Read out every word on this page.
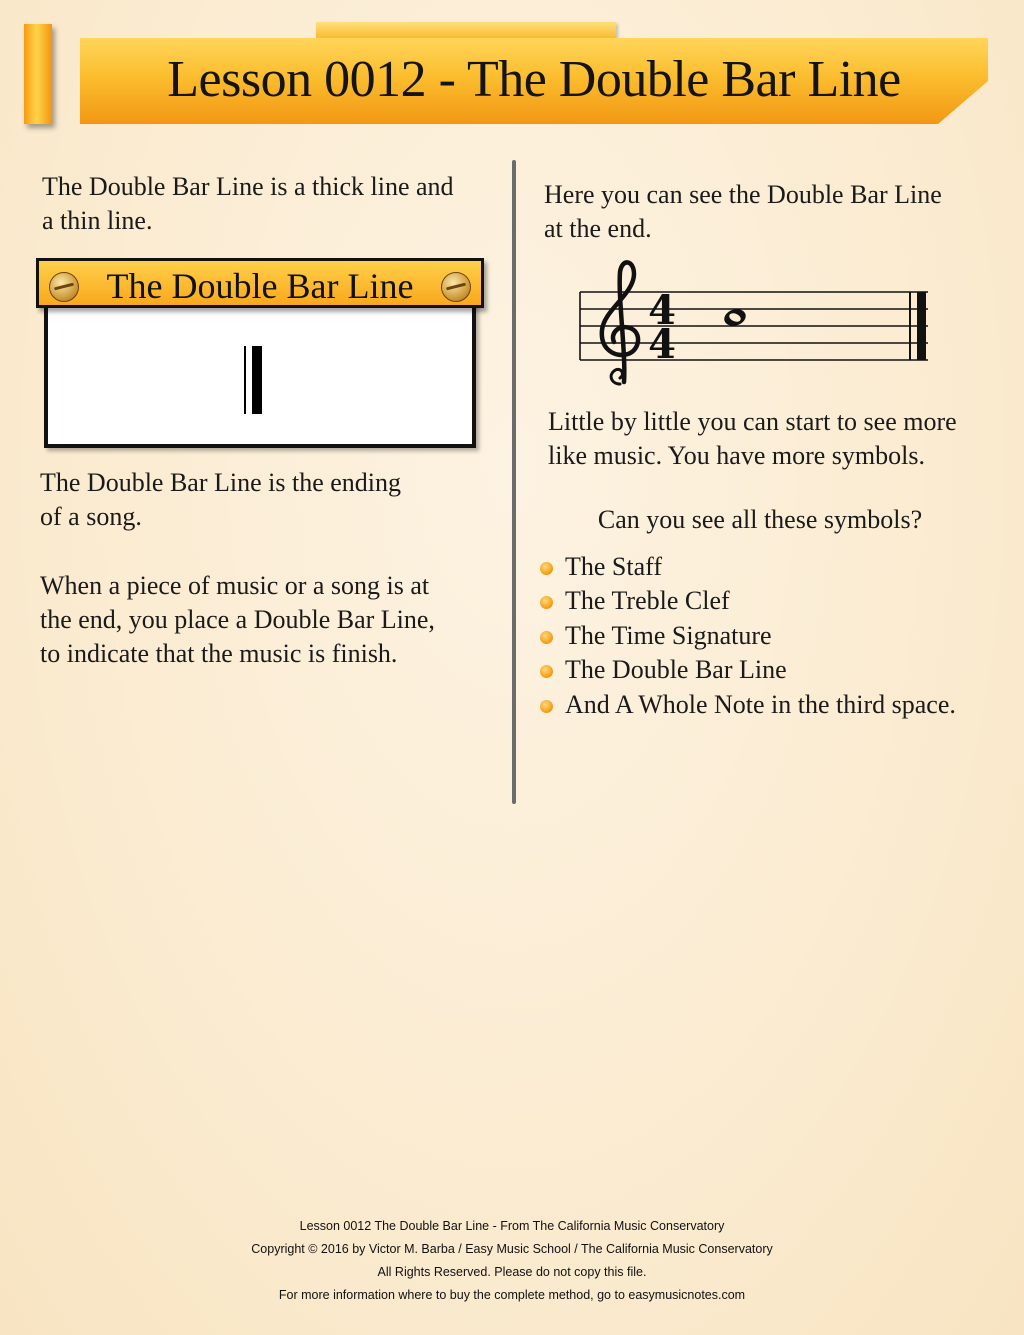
Lesson 0012 - The Double Bar Line

The Double Bar Line is a thick line and
a thin line.

The Double Bar Line

The Double Bar Line is the ending
of a song.

When a piece of music or a song is at
the end, you place a Double Bar Line,
to indicate that the music is finish.

Here you can see the Double Bar Line
at the end.

4
4

Little by little you can start to see more
like music. You have more symbols.

Can you see all these symbols?

The Staff
The Treble Clef
The Time Signature
The Double Bar Line
And A Whole Note in the third space.

Lesson 0012 The Double Bar Line - From The California Music Conservatory

Copyright © 2016 by Victor M. Barba / Easy Music School / The California Music Conservatory

All Rights Reserved. Please do not copy this file.

For more information where to buy the complete method, go to easymusicnotes.com
